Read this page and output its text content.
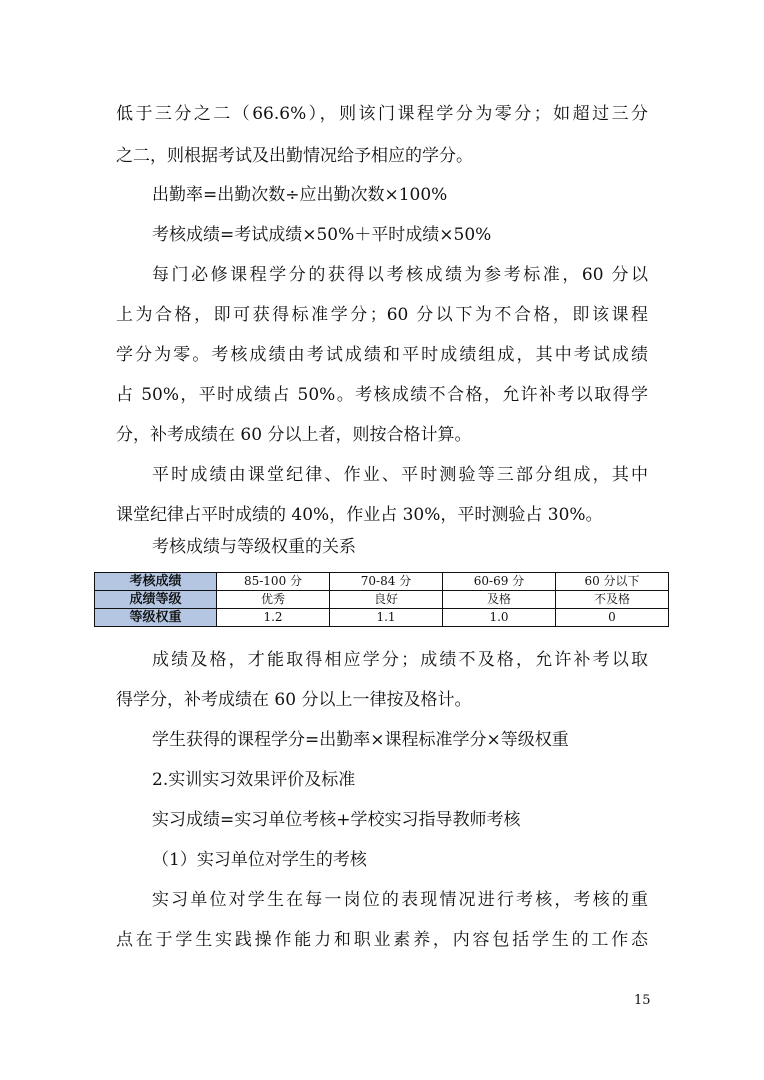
低于三分之二（66.6%），则该门课程学分为零分；如超过三分
之二，则根据考试及出勤情况给予相应的学分。
出勤率=出勤次数÷应出勤次数×100%
考核成绩=考试成绩×50%＋平时成绩×50%
每门必修课程学分的获得以考核成绩为参考标准，60 分以
上为合格，即可获得标准学分；60 分以下为不合格，即该课程
学分为零。考核成绩由考试成绩和平时成绩组成，其中考试成绩
占 50%，平时成绩占 50%。考核成绩不合格，允许补考以取得学
分，补考成绩在 60 分以上者，则按合格计算。
平时成绩由课堂纪律、作业、平时测验等三部分组成，其中
课堂纪律占平时成绩的 40%，作业占 30%，平时测验占 30%。
考核成绩与等级权重的关系
考核成绩	85-100 分	70-84 分	60-69 分	60 分以下
成绩等级	优秀	良好	及格	不及格
等级权重	1.2	1.1	1.0	0
成绩及格，才能取得相应学分；成绩不及格，允许补考以取
得学分，补考成绩在 60 分以上一律按及格计。
学生获得的课程学分=出勤率×课程标准学分×等级权重
2.实训实习效果评价及标准
实习成绩=实习单位考核+学校实习指导教师考核
（1）实习单位对学生的考核
实习单位对学生在每一岗位的表现情况进行考核，考核的重
点在于学生实践操作能力和职业素养，内容包括学生的工作态
15
